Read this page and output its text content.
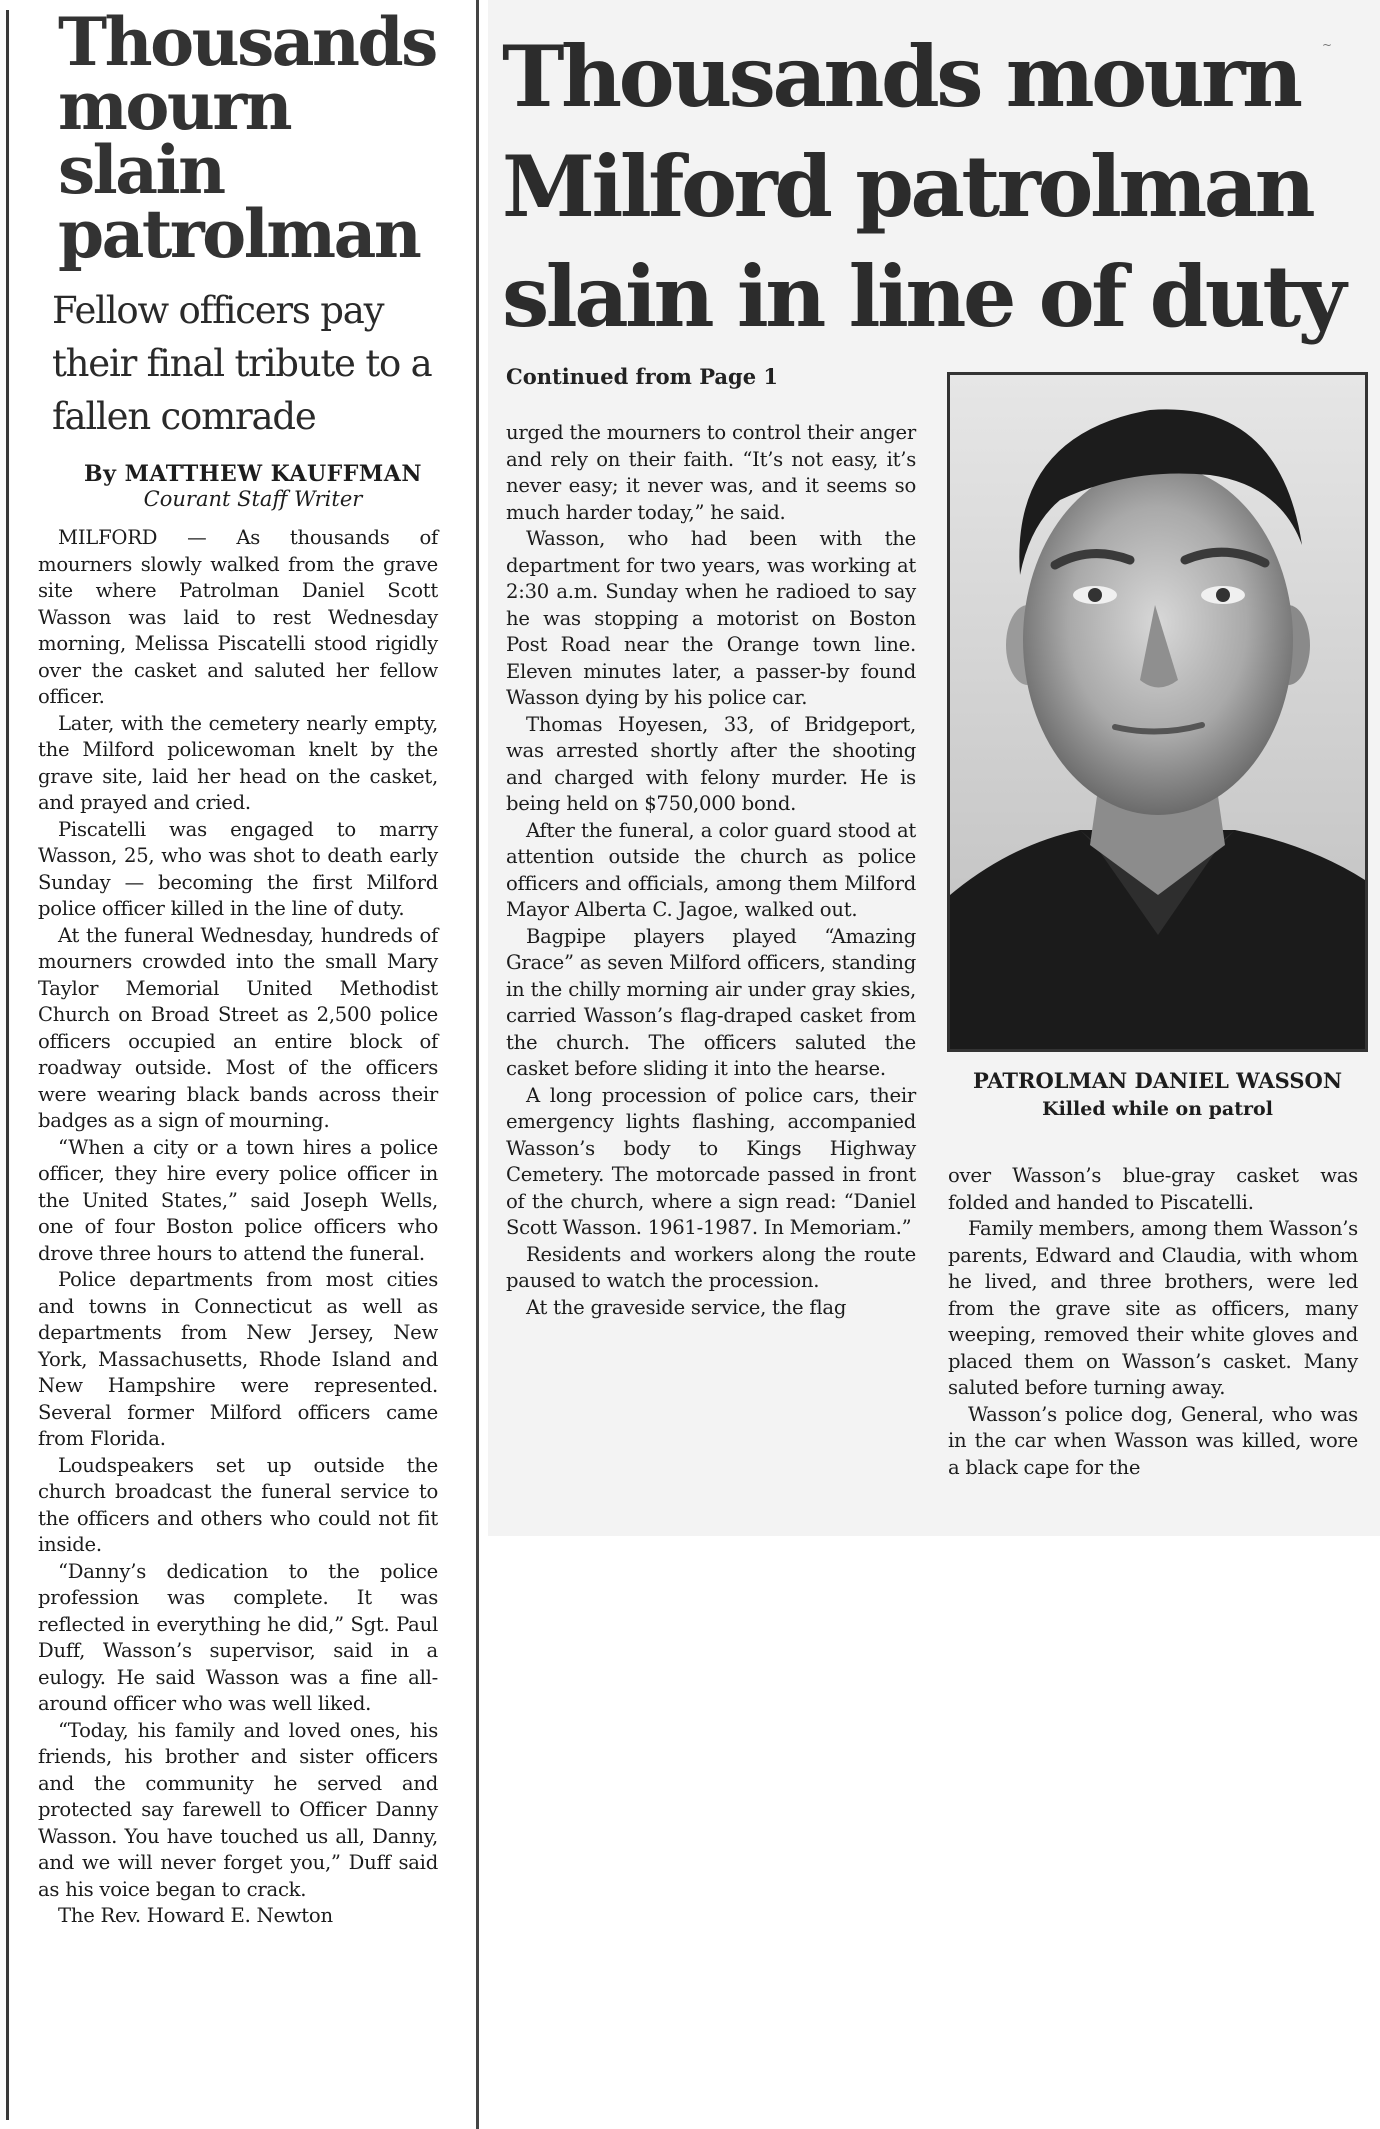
Thousands mourn slain patrolman
Fellow officers pay their final tribute to a fallen comrade
By MATTHEW KAUFFMAN
Courant Staff Writer

MILFORD — As thousands of mourners slowly walked from the grave site where Patrolman Daniel Scott Wasson was laid to rest Wednesday morning, Melissa Piscatelli stood rigidly over the casket and saluted her fellow officer.

Later, with the cemetery nearly empty, the Milford policewoman knelt by the grave site, laid her head on the casket, and prayed and cried.

Piscatelli was engaged to marry Wasson, 25, who was shot to death early Sunday — becoming the first Milford police officer killed in the line of duty.

At the funeral Wednesday, hundreds of mourners crowded into the small Mary Taylor Memorial United Methodist Church on Broad Street as 2,500 police officers occupied an entire block of roadway outside. Most of the officers were wearing black bands across their badges as a sign of mourning.

“When a city or a town hires a police officer, they hire every police officer in the United States,” said Joseph Wells, one of four Boston police officers who drove three hours to attend the funeral.

Police departments from most cities and towns in Connecticut as well as departments from New Jersey, New York, Massachusetts, Rhode Island and New Hampshire were represented. Several former Milford officers came from Florida.

Loudspeakers set up outside the church broadcast the funeral service to the officers and others who could not fit inside.

“Danny’s dedication to the police profession was complete. It was reflected in everything he did,” Sgt. Paul Duff, Wasson’s supervisor, said in a eulogy. He said Wasson was a fine all-around officer who was well liked.

“Today, his family and loved ones, his friends, his brother and sister officers and the community he served and protected say farewell to Officer Danny Wasson. You have touched us all, Danny, and we will never forget you,” Duff said as his voice began to crack.

The Rev. Howard E. Newton

~
Thousands mourn Milford patrolman slain in line of duty
Continued from Page 1

urged the mourners to control their anger and rely on their faith. “It’s not easy, it’s never easy; it never was, and it seems so much harder today,” he said.

Wasson, who had been with the department for two years, was working at 2:30 a.m. Sunday when he radioed to say he was stopping a motorist on Boston Post Road near the Orange town line. Eleven minutes later, a passer-by found Wasson dying by his police car.

Thomas Hoyesen, 33, of Bridgeport, was arrested shortly after the shooting and charged with felony murder. He is being held on $750,000 bond.

After the funeral, a color guard stood at attention outside the church as police officers and officials, among them Milford Mayor Alberta C. Jagoe, walked out.

Bagpipe players played “Amazing Grace” as seven Milford officers, standing in the chilly morning air under gray skies, carried Wasson’s flag-draped casket from the church. The officers saluted the casket before sliding it into the hearse.

A long procession of police cars, their emergency lights flashing, accompanied Wasson’s body to Kings Highway Cemetery. The motorcade passed in front of the church, where a sign read: “Daniel Scott Wasson. 1961-1987. In Memoriam.”

Residents and workers along the route paused to watch the procession.

At the graveside service, the flag

PATROLMAN DANIEL WASSON
Killed while on patrol

over Wasson’s blue-gray casket was folded and handed to Piscatelli.

Family members, among them Wasson’s parents, Edward and Claudia, with whom he lived, and three brothers, were led from the grave site as officers, many weeping, removed their white gloves and placed them on Wasson’s casket. Many saluted before turning away.

Wasson’s police dog, General, who was in the car when Wasson was killed, wore a black cape for the
